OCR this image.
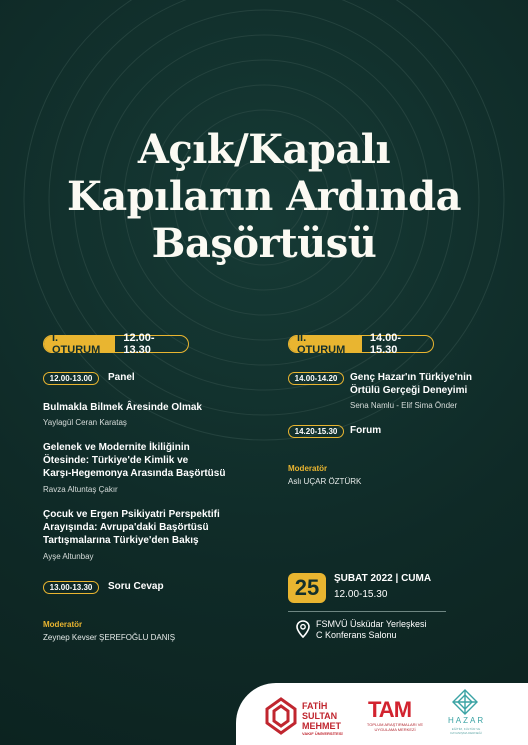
Açık/Kapalı
Kapıların Ardında
Başörtüsü
I. OTURUM
12.00-13.30
12.00-13.00	Panel
Bulmakla Bilmek Âresinde Olmak
Yaylagül Ceran Karataş
Gelenek ve Modernite İkiliğinin
Ötesinde: Türkiye'de Kimlik ve
Karşı-Hegemonya Arasında Başörtüsü
Ravza Altuntaş Çakır
Çocuk ve Ergen Psikiyatri Perspektifi
Arayışında: Avrupa'daki Başörtüsü
Tartışmalarına Türkiye'den Bakış
Ayşe Altunbay
13.00-13.30	Soru Cevap
Moderatör
Zeynep Kevser ŞEREFOĞLU DANIŞ
II. OTURUM
14.00-15.30
14.00-14.20	Genç Hazar'ın Türkiye'nin
Örtülü Gerçeği Deneyimi
Sena Namlu - Elif Sima Önder
14.20-15.30	Forum
Moderatör
Aslı UÇAR ÖZTÜRK
25	ŞUBAT 2022 | CUMA
12.00-15.30
FSMVÜ Üsküdar Yerleşkesi
C Konferans Salonu
FATİH
SULTAN
MEHMET
VAKIF ÜNİVERSİTESİ
TAM
TOPLUM ARAŞTIRMALARI VE UYGULAMA MERKEZİ
HAZAR
EĞİTİM, KÜLTÜR VE DAYANIŞMA DERNEĞİ
